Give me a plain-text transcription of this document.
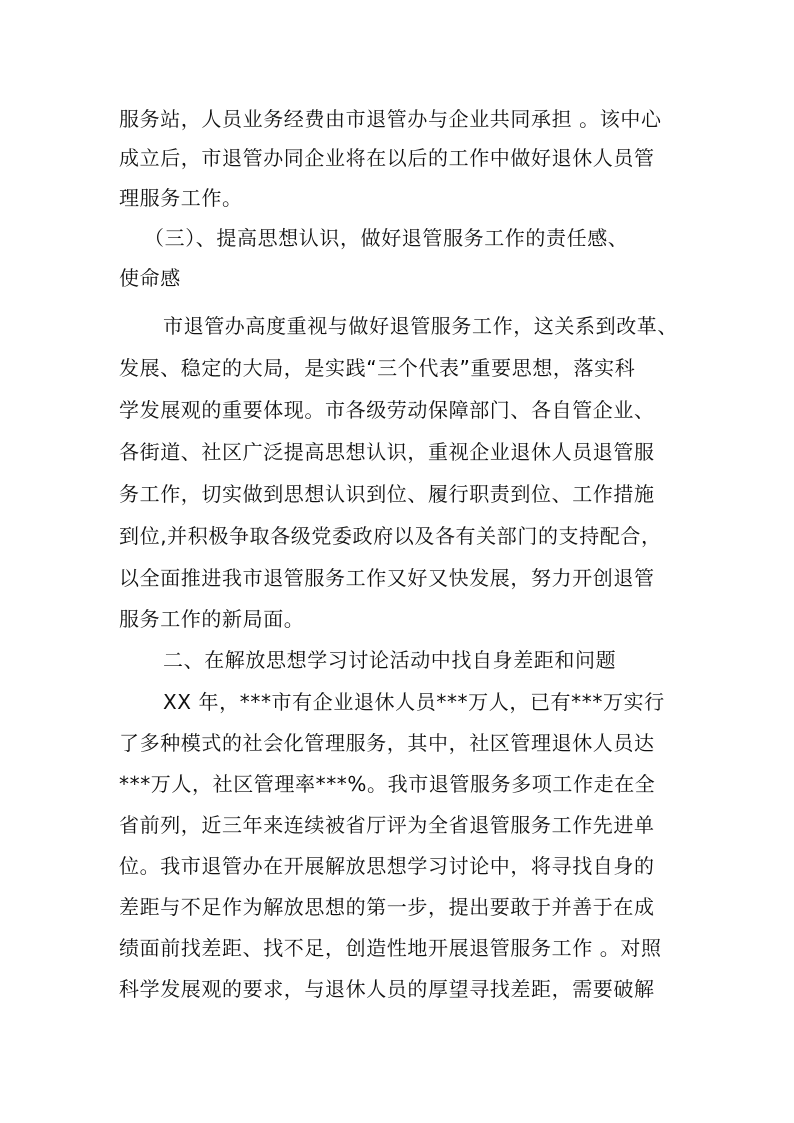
服务站，人员业务经费由市退管办与企业共同承担 。该中心
成立后，市退管办同企业将在以后的工作中做好退休人员管
理服务工作。
（三）、提高思想认识，做好退管服务工作的责任感、
使命感
市退管办高度重视与做好退管服务工作，这关系到改革、
发展、稳定的大局，是实践“三个代表”重要思想，落实科
学发展观的重要体现。市各级劳动保障部门、各自管企业、
各街道、社区广泛提高思想认识，重视企业退休人员退管服
务工作，切实做到思想认识到位、履行职责到位、工作措施
到位,并积极争取各级党委政府以及各有关部门的支持配合，
以全面推进我市退管服务工作又好又快发展，努力开创退管
服务工作的新局面。
二、在解放思想学习讨论活动中找自身差距和问题
XX 年，***市有企业退休人员***万人，已有***万实行
了多种模式的社会化管理服务，其中，社区管理退休人员达
***万人，社区管理率***%。我市退管服务多项工作走在全
省前列，近三年来连续被省厅评为全省退管服务工作先进单
位。我市退管办在开展解放思想学习讨论中，将寻找自身的
差距与不足作为解放思想的第一步，提出要敢于并善于在成
绩面前找差距、找不足，创造性地开展退管服务工作 。对照
科学发展观的要求，与退休人员的厚望寻找差距，需要破解
